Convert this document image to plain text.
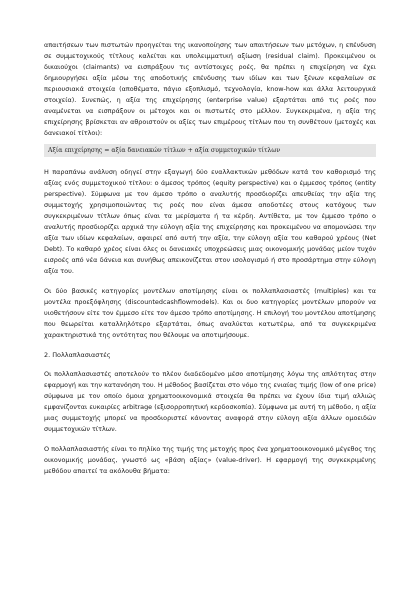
απαιτήσεων των πιστωτών προηγείται της ικανοποίησης των απαιτήσεων των μετόχων, η επένδυση σε συμμετοχικούς τίτλους καλείται και υπολειμματική αξίωση (residual claim). Προκειμένου οι δικαιούχοι (claimants) να εισπράξουν τις αντίστοιχες ροές, θα πρέπει η επιχείρηση να έχει δημιουργήσει αξία μέσω της αποδοτικής επένδυσης των ιδίων και των ξένων κεφαλαίων σε περιουσιακά στοιχεία (αποθέματα, πάγιο εξοπλισμό, τεχνολογία, know-how και άλλα λειτουργικά στοιχεία). Συνεπώς, η αξία της επιχείρησης (enterprise value) εξαρτάται από τις ροές που αναμένεται να εισπράξουν οι μέτοχοι και οι πιστωτές στο μέλλον. Συγκεκριμένα, η αξία της επιχείρησης βρίσκεται αν αθροιστούν οι αξίες των επιμέρους τίτλων που τη συνθέτουν (μετοχές και δανειακοί τίτλοι):

Αξία επιχείρησης = αξία δανειακών τίτλων + αξία συμμετοχικών τίτλων

Η παραπάνω ανάλυση οδηγεί στην εξαγωγή δύο εναλλακτικών μεθόδων κατά τον καθορισμό της αξίας ενός συμμετοχικού τίτλου: ο άμεσος τρόπος (equity perspective) και ο έμμεσος τρόπος (entity perspective). Σύμφωνα με τον άμεσο τρόπο ο αναλυτής προσδιορίζει απευθείας την αξία της συμμετοχής χρησιμοποιώντας τις ροές που είναι άμεσα αποδοτέες στους κατόχους των συγκεκριμένων τίτλων όπως είναι τα μερίσματα ή τα κέρδη. Αντίθετα, με τον έμμεσο τρόπο ο αναλυτής προσδιορίζει αρχικά την εύλογη αξία της επιχείρησης και προκειμένου να απομονώσει την αξία των ιδίων κεφαλαίων, αφαιρεί από αυτή την αξία, την εύλογη αξία του καθαρού χρέους (Net Debt). Το καθαρό χρέος είναι όλες οι δανειακές υποχρεώσεις μιας οικονομικής μονάδας μείον τυχόν εισροές από νέα δάνεια και συνήθως απεικονίζεται στον ισολογισμό ή στο προσάρτημα στην εύλογη αξία του.

Οι δύο βασικές κατηγορίες μοντέλων αποτίμησης είναι οι πολλαπλασιαστές (multiples) και τα μοντέλα προεξόφλησης (discountedcashflowmodels). Και οι δυο κατηγορίες μοντέλων μπορούν να υιοθετήσουν είτε τον έμμεσο είτε τον άμεσο τρόπο αποτίμησης. Η επιλογή του μοντέλου αποτίμησης που θεωρείται καταλληλότερο εξαρτάται, όπως αναλύεται κατωτέρω, από τα συγκεκριμένα χαρακτηριστικά της οντότητας που θέλουμε να αποτιμήσουμε.

2. Πολλαπλασιαστές

Οι πολλαπλασιαστές αποτελούν το πλέον διαδεδομένο μέσο αποτίμησης λόγω της απλότητας στην εφαρμογή και την κατανόηση του. Η μέθοδος βασίζεται στο νόμο της ενιαίας τιμής (low of one price) σύμφωνα με τον οποίο όμοια χρηματοοικονομικά στοιχεία θα πρέπει να έχουν ίδια τιμή αλλιώς εμφανίζονται ευκαιρίες arbitrage (εξισορροπητική κερδοσκοπία). Σύμφωνα με αυτή τη μέθοδο, η αξία μιας συμμετοχής μπορεί να προσδιοριστεί κάνοντας αναφορά στην εύλογη αξία άλλων ομοειδών συμμετοχικών τίτλων.

Ο πολλαπλασιαστής είναι το πηλίκο της τιμής της μετοχής προς ένα χρηματοοικονομικό μέγεθος της οικονομικής μονάδας, γνωστό ως «βάση αξίας» (value-driver). Η εφαρμογή της συγκεκριμένης μεθόδου απαιτεί τα ακόλουθα βήματα:
